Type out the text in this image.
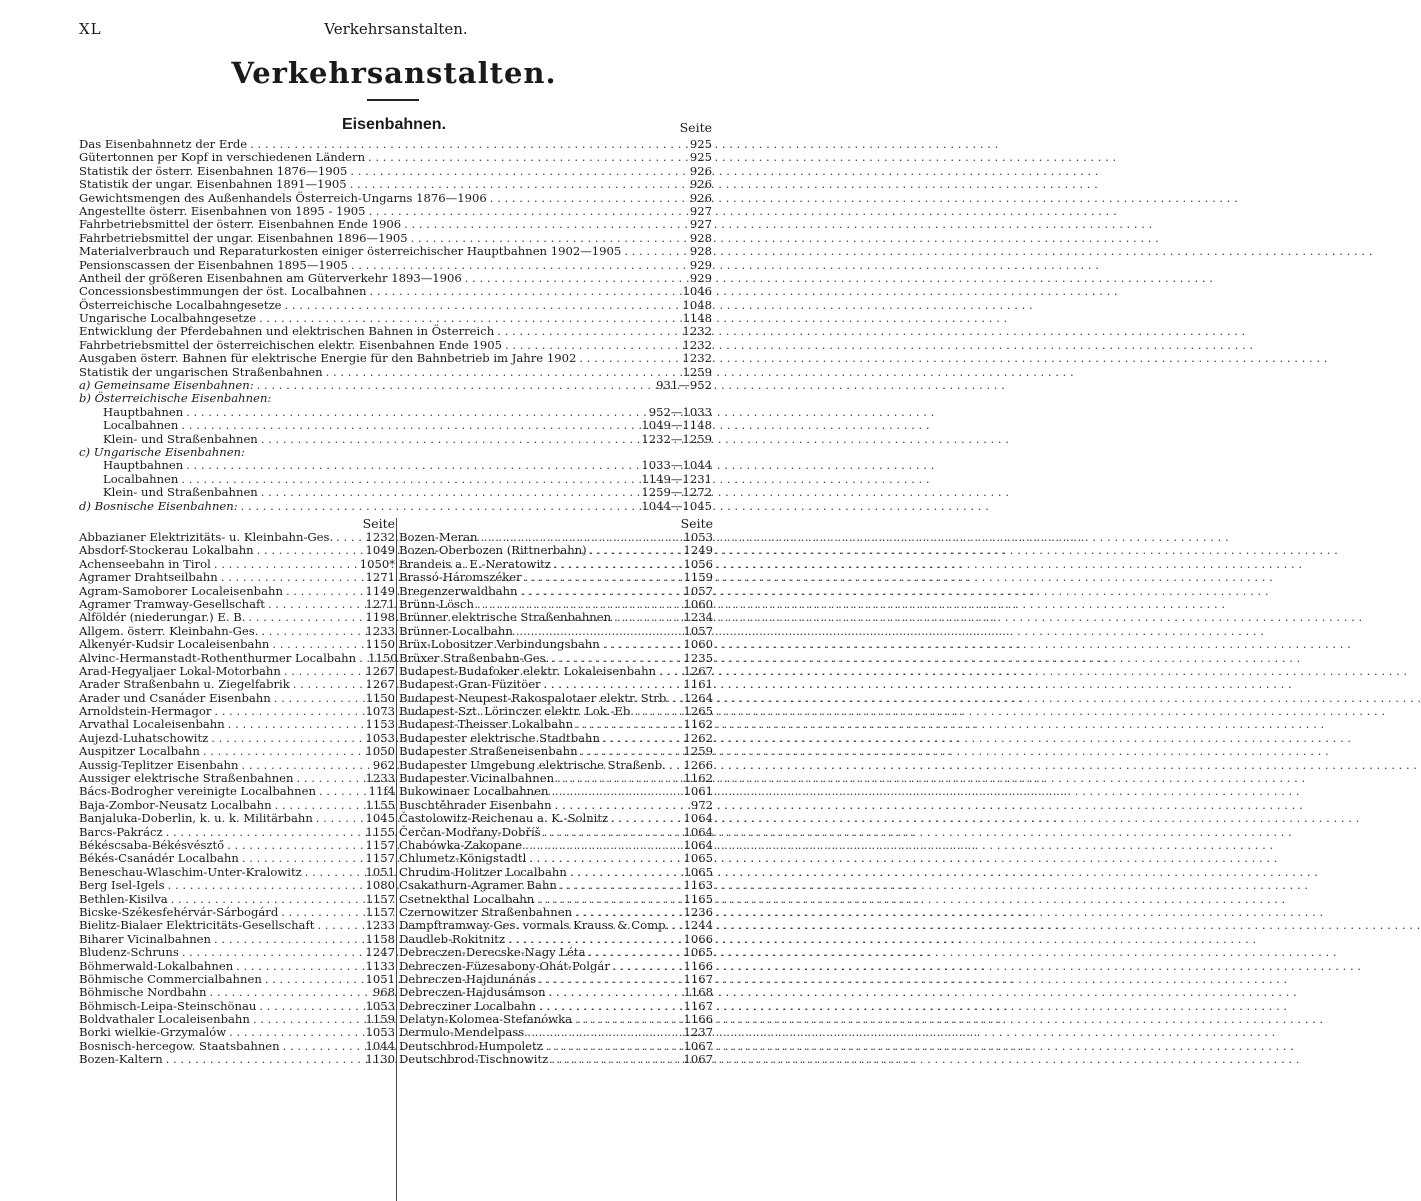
XL	Verkehrsanstalten.
Verkehrsanstalten.
Eisenbahnen.	Seite
Das Eisenbahnnetz der Erde . . .	925
Gütertonnen per Kopf in verschiedenen Ländern . . .	925
Statistik der österr. Eisenbahnen 1876—1905 . . .	926
Statistik der ungar. Eisenbahnen 1891—1905 . . .	926
Gewichtsmengen des Außenhandels Österreich-Ungarns 1876—1906 . . .	926
Angestellte österr. Eisenbahnen von 1895 - 1905 . . .	927
Fahrbetriebsmittel der österr. Eisenbahnen Ende 1906 . . .	927
Fahrbetriebsmittel der ungar. Eisenbahnen 1896—1905 . . .	928
Materialverbrauch und Reparaturkosten einiger österreichischer Hauptbahnen 1902—1905 . . .	928
Pensionscassen der Eisenbahnen 1895—1905 . . .	929
Antheil der größeren Eisenbahnen am Güterverkehr 1893—1906 . . .	929
Concessionsbestimmungen der öst. Localbahnen . . .	1046
Österreichische Localbahngesetze . . .	1048
Ungarische Localbahngesetze . . .	1148
Entwicklung der Pferdebahnen und elektrischen Bahnen in Österreich . . .	1232
Fahrbetriebsmittel der österreichischen elektr. Eisenbahnen Ende 1905 . . .	1232
Ausgaben österr. Bahnen für elektrische Energie für den Bahnbetrieb im Jahre 1902 . . .	1232
Statistik der ungarischen Straßenbahnen . . .	1259
a) Gemeinsame Eisenbahnen: . . .	931—952
b) Österreichische Eisenbahnen:
Hauptbahnen . . .	952—1033
Localbahnen . . .	1049—1148
Klein- und Straßenbahnen . . .	1232—1259
c) Ungarische Eisenbahnen:
Hauptbahnen . . .	1033—1044
Localbahnen . . .	1149—1231
Klein- und Straßenbahnen . . .	1259—1272
d) Bosnische Eisenbahnen: . . .	1044—1045
Seite
Abbazianer Elektrizitäts- u. Kleinbahn-Ges. . . .	1232
Absdorf-Stockerau Lokalbahn . . .	1049
Achenseebahn in Tirol . . .	1050*
Agramer Drahtseilbahn . . .	1271
Agram-Samoborer Localeisenbahn . . .	1149
Agramer Tramway-Gesellschaft . . .	1271
Alföldér (niederungar.) E. B. . . .	1198
Allgem. österr. Kleinbahn-Ges. . . .	1233
Alkenyér-Kudsir Localeisenbahn . . .	1150
Alvinc-Hermanstadt-Rothenthurmer Localbahn . . . 1150
Arad-Hegyaljaer Lokal-Motorbahn . . .	1267
Arader Straßenbahn u. Ziegelfabrik . . .	1267
Arader und Csanáder Eisenbahn . . .	1150
Arnoldstein-Hermagor . . .	1073
Arvathal Localeisenbahn . . .	1153
Aujezd-Luhatschowitz . . .	1053
Auspitzer Localbahn . . .	1050
Aussig-Teplitzer Eisenbahn . . .	962
Aussiger elektrische Straßenbahnen . . .	1233
Bács-Bodrogher vereinigte Localbahnen . . .	11f4
Baja-Zombor-Neusatz Localbahn . . .	1155
Banjaluka-Doberlin, k. u. k. Militärbahn . . .	1045
Barcs-Pakrácz . . .	1155
Békéscsaba-Békésvésztő . . .	1157
Békés-Csanádér Localbahn . . .	1157
Beneschau-Wlaschim-Unter-Kralowitz . . .	1051
Berg Isel-Igels . . .	1080
Bethlen-Kisilva . . .	1157
Bicske-Székesfehérvár-Sárbogárd . . .	1157
Bielitz-Bialaer Elektricitäts-Gesellschaft . . .	1233
Biharer Vicinalbahnen . . .	1158
Bludenz-Schruns . . .	1247
Böhmerwald-Lokalbahnen . . .	1133
Böhmische Commercialbahnen . . .	1051
Böhmische Nordbahn . . .	968
Böhmisch-Leipa-Steinschönau . . .	1053
Boldvathaler Localeisenbahn . . .	1159
Borki wielkie-Grzymalów . . .	1053
Bosnisch-hercegow. Staatsbahnen . . .	1044
Bozen-Kaltern . . .	1130
Seite
Bozen-Meran . . .	1053
Bozen-Oberbozen (Rittnerbahn) . . .	1249
Brandeis a. E.-Neratowitz . . .	1056
Brassó-Háromszéker . . .	1159
Bregenzerwaldbahn . . .	1057
Brünn-Lösch . . .	1060
Brünner elektrische Straßenbahnen . . .	1234
Brünner-Localbahn . . .	1057
Brüx-Lobositzer Verbindungsbahn . . .	1060
Brüxer Straßenbahn-Ges. . . .	1235
Budapest-Budafoker elektr. Lokaleisenbahn . . . 1267
Budapest-Gran-Füzitöer . . .	1161
Budapest-Neupest-Rakospalotaer elektr. Strb. . . . 1264
Budapest-Szt. Lörinczer elektr. Lok.-Eb. . . .	1265
Budapest-Theisser Lokalbahn . . .	1162
Budapester elektrische Stadtbahn . . .	1262
Budapester Straßeneisenbahn . . .	1259
Budapester Umgebung elektrische Straßenb. . . . 1266
Budapester Vicinalbahnen . . .	1162
Bukowinaer Localbahnen . . .	1061
Buschtěhrader Eisenbahn . . .	972
Častolowitz-Reichenau a. K.-Solnitz . . .	1064
Čerčan-Modřany-Dobříš . . .	1064
Chabówka-Zakopane . . .	1064
Chlumetz-Königstadtl . . .	1065
Chrudim-Holitzer Localbahn . . .	1065
Csakathurn-Agramer Bahn . . .	1163
Csetnekthal Localbahn . . .	1165
Czernowitzer Straßenbahnen . . .	1236
Dampftramway-Ges. vormals Krauss & Comp. . . . 1244
Daudleb-Rokitnitz . . .	1066
Debreczen-Derecske-Nagy Léta . . .	1065
Debreczen-Füzesabony-Ohát-Polgár . . .	1166
Debreczen-Hajdunánás . . .	1167
Debreczen-Hajdusámson . . .	1168
Debrecziner Localbahn . . .	1167
Delatyn-Kolomea-Stefanówka . . .	1166
Dermulo-Mendelpass . . .	1237
Deutschbrod-Humpoletz . . .	1067
Deutschbrod-Tischnowitz . . .	1067
